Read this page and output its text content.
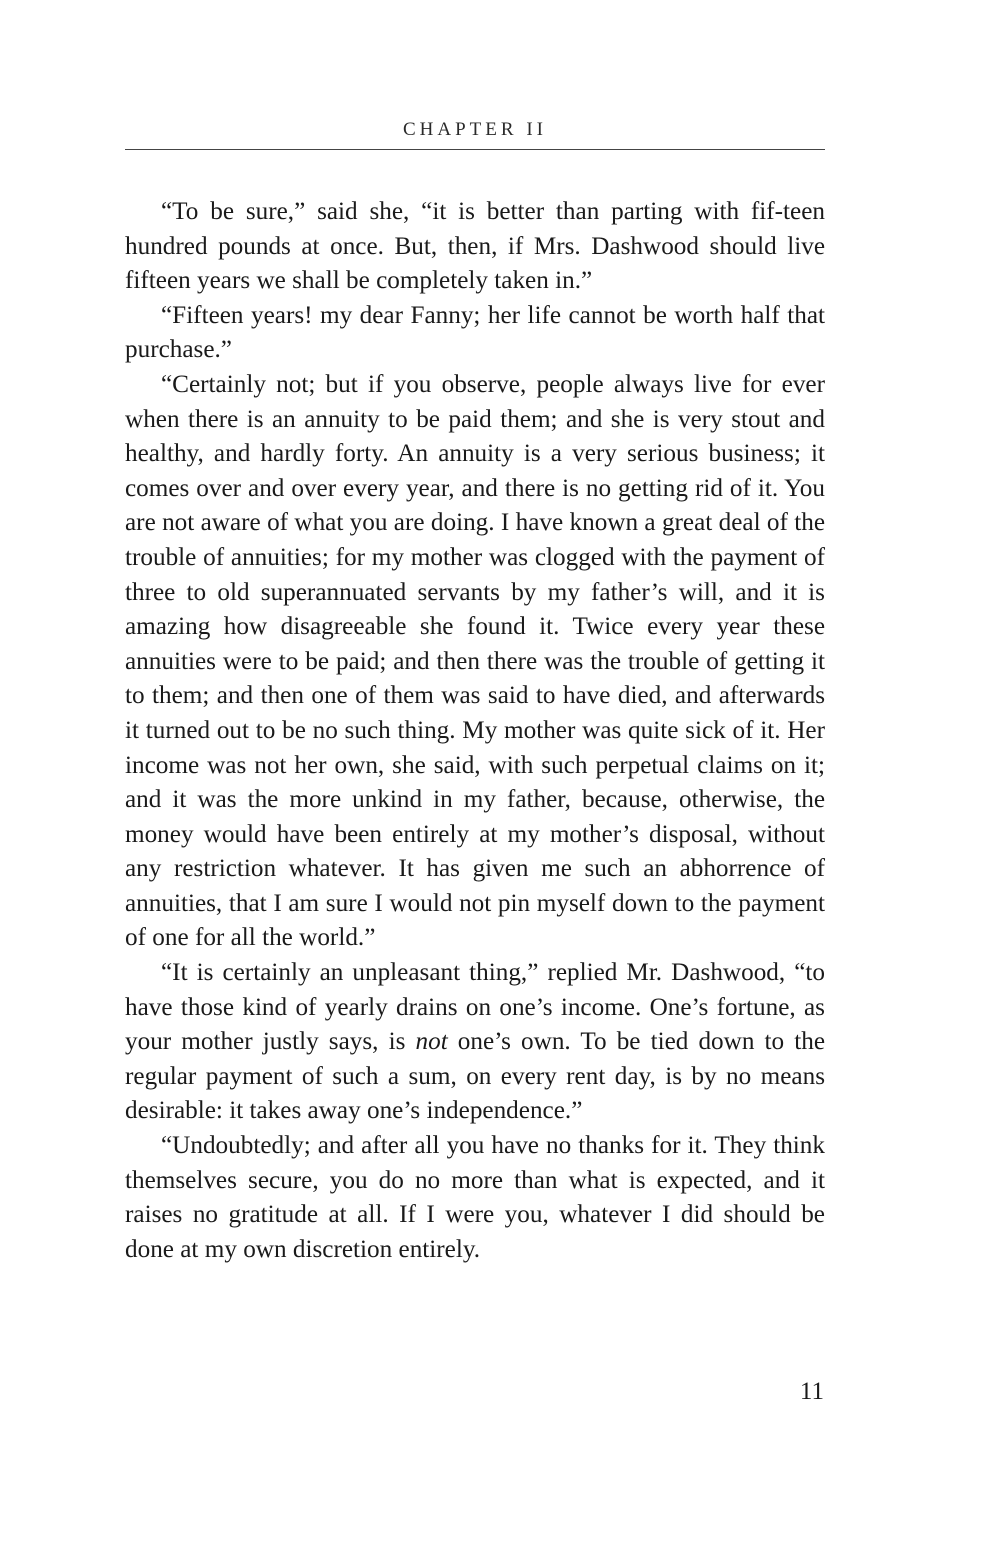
CHAPTER II

“To be sure,” said she, “it is better than parting with fif-teen hundred pounds at once. But, then, if Mrs. Dashwood should live fifteen years we shall be completely taken in.”

“Fifteen years! my dear Fanny; her life cannot be worth half that purchase.”

“Certainly not; but if you observe, people always live for ever when there is an annuity to be paid them; and she is very stout and healthy, and hardly forty. An annuity is a very serious business; it comes over and over every year, and there is no getting rid of it. You are not aware of what you are doing. I have known a great deal of the trouble of annuities; for my mother was clogged with the payment of three to old superannuated servants by my father’s will, and it is amazing how disagreeable she found it. Twice every year these annuities were to be paid; and then there was the trouble of getting it to them; and then one of them was said to have died, and afterwards it turned out to be no such thing. My mother was quite sick of it. Her income was not her own, she said, with such perpetual claims on it; and it was the more unkind in my father, because, otherwise, the money would have been entirely at my mother’s disposal, without any restriction whatever. It has given me such an abhorrence of annuities, that I am sure I would not pin myself down to the payment of one for all the world.”

“It is certainly an unpleasant thing,” replied Mr. Dashwood, “to have those kind of yearly drains on one’s income. One’s fortune, as your mother justly says, is not one’s own. To be tied down to the regular payment of such a sum, on every rent day, is by no means desirable: it takes away one’s independence.”

“Undoubtedly; and after all you have no thanks for it. They think themselves secure, you do no more than what is expected, and it raises no gratitude at all. If I were you, whatever I did should be done at my own discretion entirely.

11
